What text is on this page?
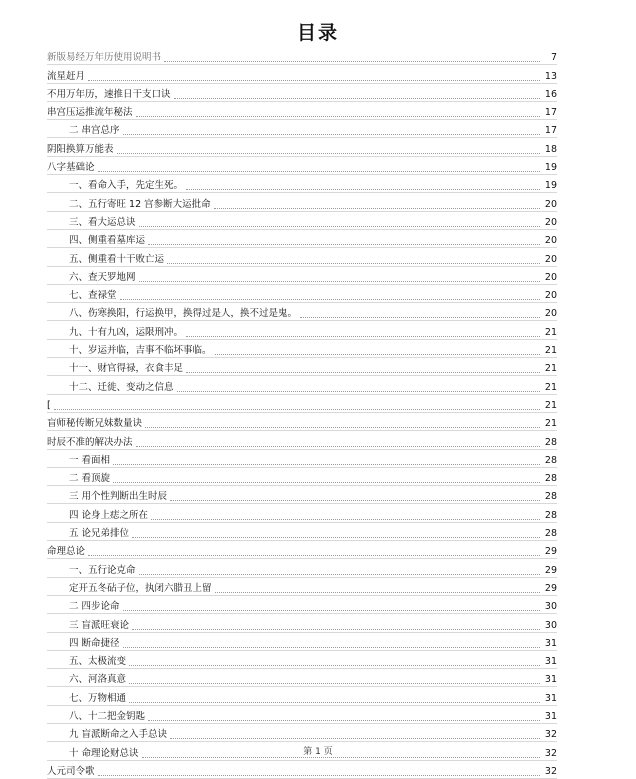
目录
新版易经万年历使用说明书	7
流星赶月	13
不用万年历，速推日干支口诀	16
串宫压运推流年秘法	17
二 串宫总序	17
阴阳换算万能表	18
八字基础论	19
一、看命入手，先定生死。	19
二、五行寄旺 12 宫参断大运批命	20
三、看大运总诀	20
四、侧重看墓库运	20
五、侧重看十干败亡运	20
六、查天罗地网	20
七、查禄堂	20
八、伤寒换阳，行运换甲，换得过是人，换不过是鬼。	20
九、十有九凶，运限刑冲。	21
十、岁运并临，吉事不临坏事临。	21
十一、财官得禄，衣食丰足	21
十二、迁徙、变动之信息	21
[	21
盲师秘传断兄妹数量诀	21
时辰不准的解决办法	28
一 看面相	28
二 看顶旋	28
三 用个性判断出生时辰	28
四 论身上痣之所在	28
五 论兄弟排位	28
命理总论	29
一、五行论克命	29
定开五冬砧子位，执闭六腊丑上留	29
二 四步论命	30
三 盲派旺衰论	30
四 断命捷径	31
五、太极流变	31
六、河洛真意	31
七、万物相通	31
八、十二把金钥匙	31
九 盲派断命之入手总诀	32
十 命理论财总诀	32
人元司令歌	32
第 1 页
